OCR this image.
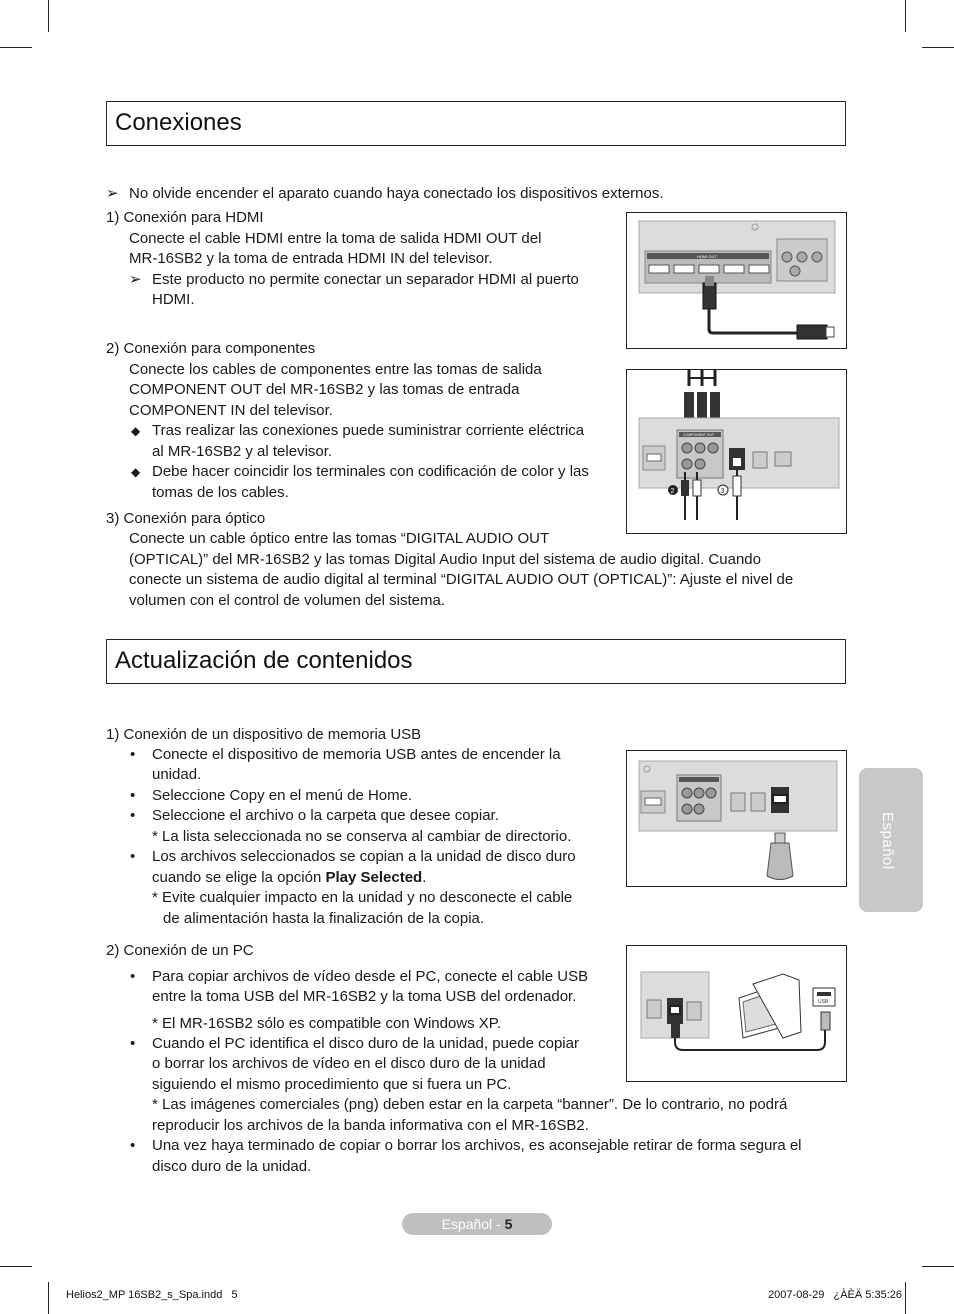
Conexiones
➢ No olvide encender el aparato cuando haya conectado los dispositivos externos.
1) Conexión para HDMI
Conecte el cable HDMI entre la toma de salida HDMI OUT del
MR-16SB2 y la toma de entrada HDMI IN del televisor.
➢ Este producto no permite conectar un separador HDMI al puerto
HDMI.
2) Conexión para componentes
Conecte los cables de componentes entre las tomas de salida
COMPONENT OUT del MR-16SB2 y las tomas de entrada
COMPONENT IN del televisor.
◆ Tras realizar las conexiones puede suministrar corriente eléctrica
al MR-16SB2 y al televisor.
◆ Debe hacer coincidir los terminales con codificación de color y las
tomas de los cables.
3) Conexión para óptico
Conecte un cable óptico entre las tomas “DIGITAL AUDIO OUT
(OPTICAL)” del MR-16SB2 y las tomas Digital Audio Input del sistema de audio digital. Cuando
conecte un sistema de audio digital al terminal “DIGITAL AUDIO OUT (OPTICAL)”: Ajuste el nivel de
volumen con el control de volumen del sistema.
HDMI OUT
COMPONENT OUT
2	3
Actualización de contenidos
1) Conexión de un dispositivo de memoria USB
• Conecte el dispositivo de memoria USB antes de encender la
unidad.
• Seleccione Copy en el menú de Home.
• Seleccione el archivo o la carpeta que desee copiar.
* La lista seleccionada no se conserva al cambiar de directorio.
• Los archivos seleccionados se copian a la unidad de disco duro
cuando se elige la opción Play Selected.
* Evite cualquier impacto en la unidad y no desconecte el cable
de alimentación hasta la finalización de la copia.
2) Conexión de un PC
• Para copiar archivos de vídeo desde el PC, conecte el cable USB
entre la toma USB del MR-16SB2 y la toma USB del ordenador.
* El MR-16SB2 sólo es compatible con Windows XP.
• Cuando el PC identifica el disco duro de la unidad, puede copiar
o borrar los archivos de vídeo en el disco duro de la unidad
siguiendo el mismo procedimiento que si fuera un PC.
* Las imágenes comerciales (png) deben estar en la carpeta “banner”. De lo contrario, no podrá
reproducir los archivos de la banda informativa con el MR-16SB2.
• Una vez haya terminado de copiar o borrar los archivos, es aconsejable retirar de forma segura el
disco duro de la unidad.
USB
Español
Español - 5
Helios2_MP 16SB2_s_Spa.indd   5	2007-08-29   ¿ÀÈÄ 5:35:26
